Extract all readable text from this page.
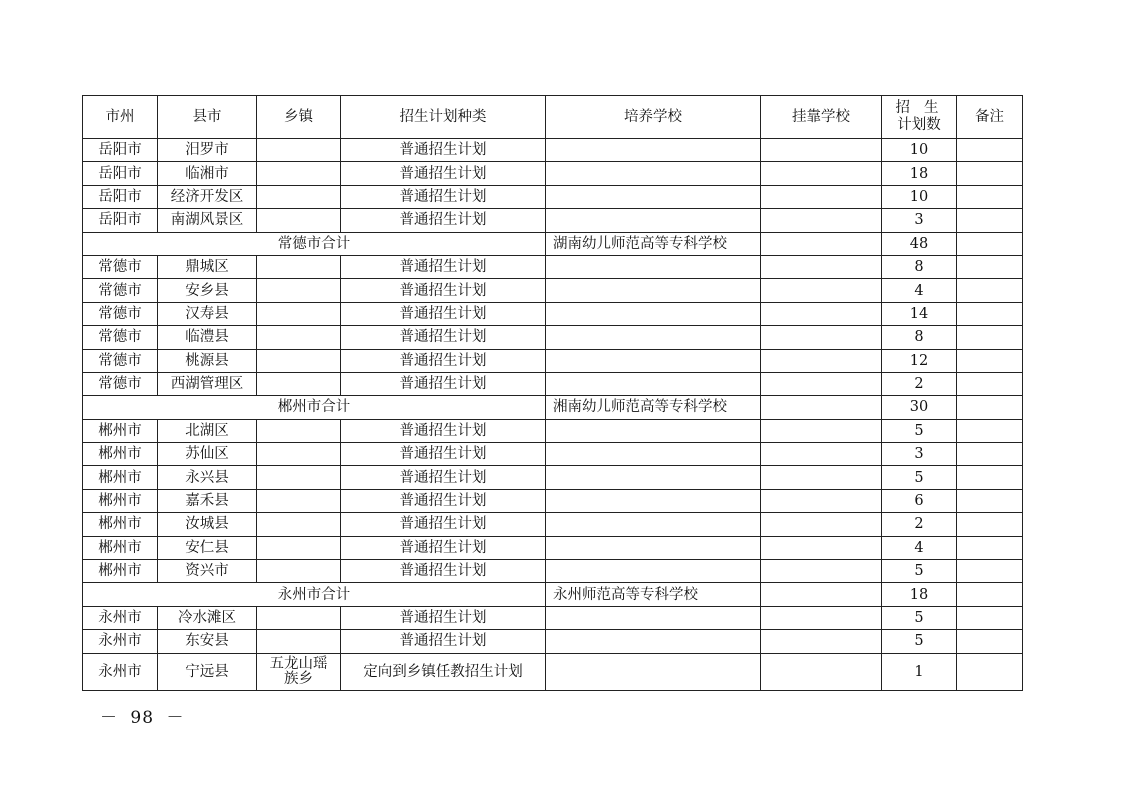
市州	县市	乡镇	招生计划种类	培养学校	挂靠学校	招生
计划数	备注
岳阳市	汨罗市		普通招生计划			10	
岳阳市	临湘市		普通招生计划			18	
岳阳市	经济开发区		普通招生计划			10	
岳阳市	南湖风景区		普通招生计划			3	
常德市合计				湖南幼儿师范高等专科学校		48	
常德市	鼎城区		普通招生计划			8	
常德市	安乡县		普通招生计划			4	
常德市	汉寿县		普通招生计划			14	
常德市	临澧县		普通招生计划			8	
常德市	桃源县		普通招生计划			12	
常德市	西湖管理区		普通招生计划			2	
郴州市合计				湘南幼儿师范高等专科学校		30	
郴州市	北湖区		普通招生计划			5	
郴州市	苏仙区		普通招生计划			3	
郴州市	永兴县		普通招生计划			5	
郴州市	嘉禾县		普通招生计划			6	
郴州市	汝城县		普通招生计划			2	
郴州市	安仁县		普通招生计划			4	
郴州市	资兴市		普通招生计划			5	
永州市合计				永州师范高等专科学校		18	
永州市	冷水滩区		普通招生计划			5	
永州市	东安县		普通招生计划			5	
永州市	宁远县	五龙山瑶族乡	定向到乡镇任教招生计划			1	
－ 98 －
